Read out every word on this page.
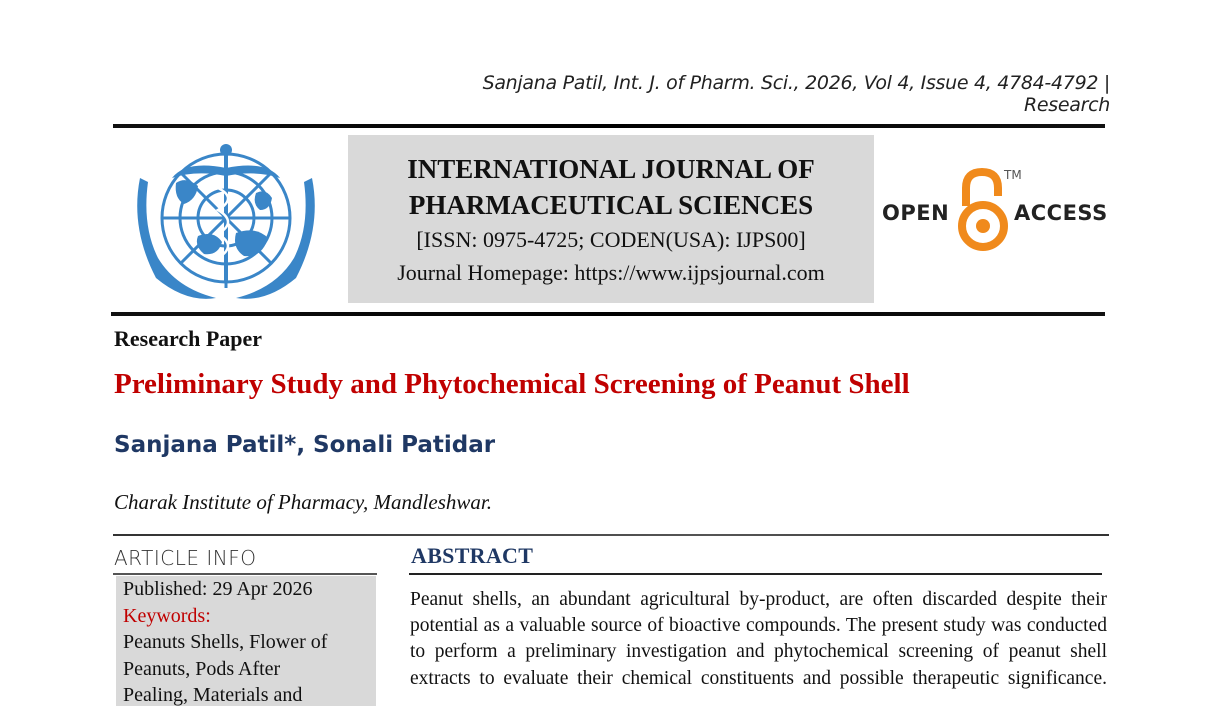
Sanjana Patil, Int. J. of Pharm. Sci., 2026, Vol 4, Issue 4, 4784-4792 | Research
INTERNATIONAL JOURNAL OF
PHARMACEUTICAL SCIENCES
[ISSN: 0975-4725; CODEN(USA): IJPS00]
Journal Homepage: https://www.ijpsjournal.com
OPEN
TM
ACCESS
Research Paper
Preliminary Study and Phytochemical Screening of Peanut Shell
Sanjana Patil*, Sonali Patidar
Charak Institute of Pharmacy, Mandleshwar.
ARTICLE INFO
Published: 29 Apr 2026
Keywords:
Peanuts Shells, Flower of
Peanuts, Pods After
Pealing, Materials and
ABSTRACT
Peanut shells, an abundant agricultural by-product, are often discarded despite their
potential as a valuable source of bioactive compounds. The present study was conducted
to perform a preliminary investigation and phytochemical screening of peanut shell
extracts to evaluate their chemical constituents and possible therapeutic significance.
